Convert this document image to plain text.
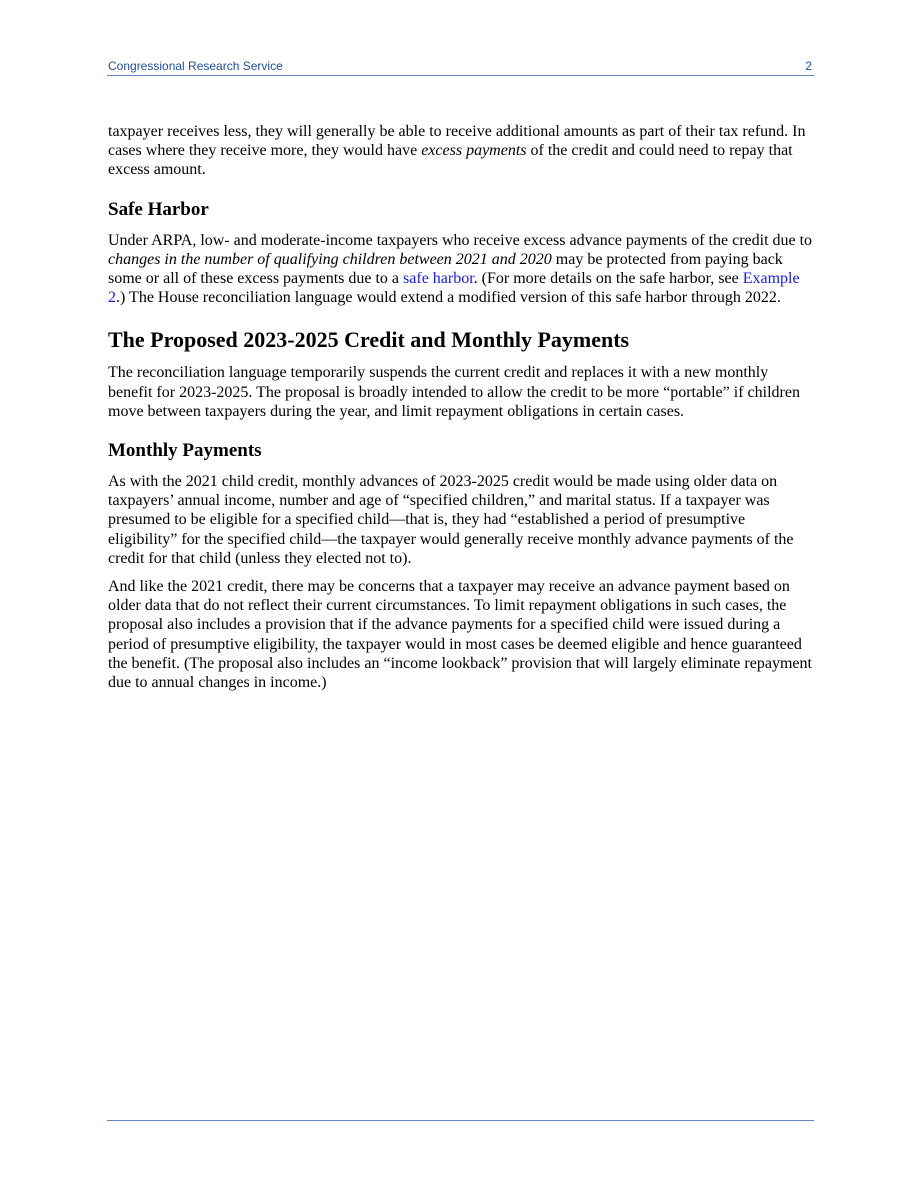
Congressional Research Service	2

taxpayer receives less, they will generally be able to receive additional amounts as part of their tax refund. In cases where they receive more, they would have excess payments of the credit and could need to repay that excess amount.

Safe Harbor

Under ARPA, low- and moderate-income taxpayers who receive excess advance payments of the credit due to changes in the number of qualifying children between 2021 and 2020 may be protected from paying back some or all of these excess payments due to a safe harbor. (For more details on the safe harbor, see Example 2.) The House reconciliation language would extend a modified version of this safe harbor through 2022.

The Proposed 2023-2025 Credit and Monthly Payments

The reconciliation language temporarily suspends the current credit and replaces it with a new monthly benefit for 2023-2025. The proposal is broadly intended to allow the credit to be more “portable” if children move between taxpayers during the year, and limit repayment obligations in certain cases.

Monthly Payments

As with the 2021 child credit, monthly advances of 2023-2025 credit would be made using older data on taxpayers’ annual income, number and age of “specified children,” and marital status. If a taxpayer was presumed to be eligible for a specified child—that is, they had “established a period of presumptive eligibility” for the specified child—the taxpayer would generally receive monthly advance payments of the credit for that child (unless they elected not to).

And like the 2021 credit, there may be concerns that a taxpayer may receive an advance payment based on older data that do not reflect their current circumstances. To limit repayment obligations in such cases, the proposal also includes a provision that if the advance payments for a specified child were issued during a period of presumptive eligibility, the taxpayer would in most cases be deemed eligible and hence guaranteed the benefit. (The proposal also includes an “income lookback” provision that will largely eliminate repayment due to annual changes in income.)
